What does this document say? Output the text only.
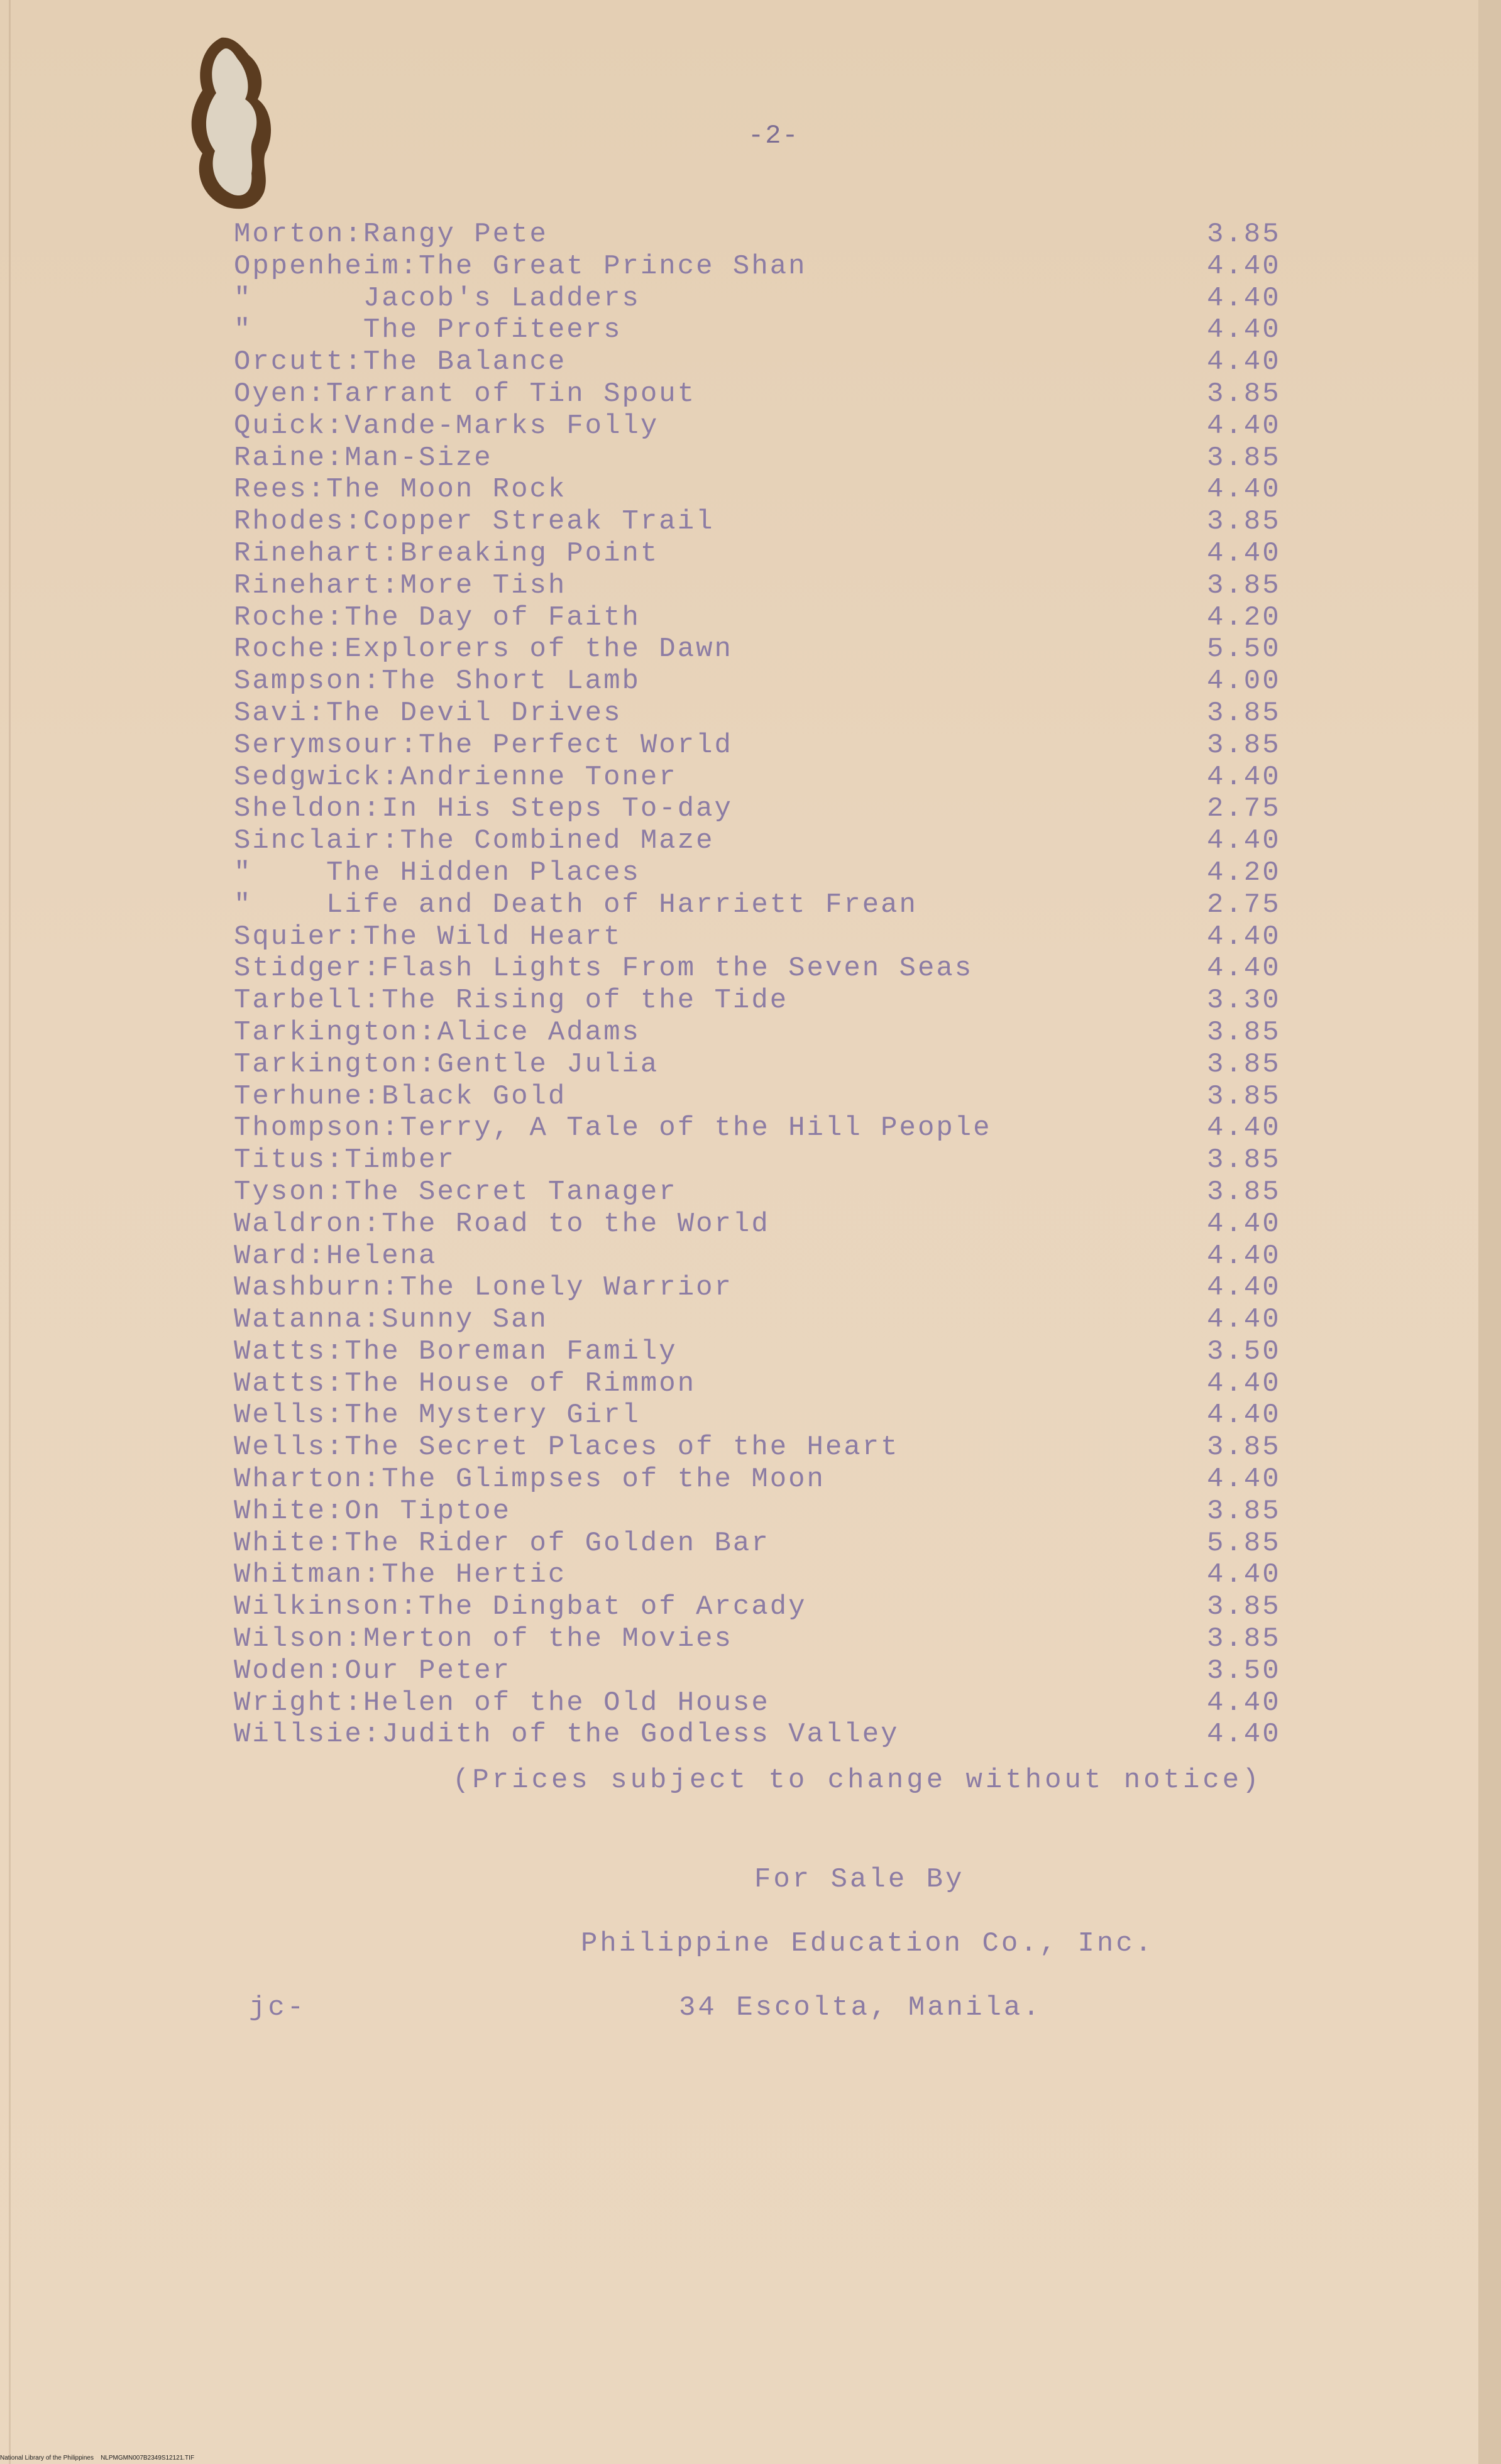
-2-
Morton:Rangy Pete	3.85
Oppenheim:The Great Prince Shan	4.40
"      Jacob's Ladders	4.40
"      The Profiteers	4.40
Orcutt:The Balance	4.40
Oyen:Tarrant of Tin Spout	3.85
Quick:Vande-Marks Folly	4.40
Raine:Man-Size	3.85
Rees:The Moon Rock	4.40
Rhodes:Copper Streak Trail	3.85
Rinehart:Breaking Point	4.40
Rinehart:More Tish	3.85
Roche:The Day of Faith	4.20
Roche:Explorers of the Dawn	5.50
Sampson:The Short Lamb	4.00
Savi:The Devil Drives	3.85
Serymsour:The Perfect World	3.85
Sedgwick:Andrienne Toner	4.40
Sheldon:In His Steps To-day	2.75
Sinclair:The Combined Maze	4.40
"    The Hidden Places	4.20
"    Life and Death of Harriett Frean	2.75
Squier:The Wild Heart	4.40
Stidger:Flash Lights From the Seven Seas	4.40
Tarbell:The Rising of the Tide	3.30
Tarkington:Alice Adams	3.85
Tarkington:Gentle Julia	3.85
Terhune:Black Gold	3.85
Thompson:Terry, A Tale of the Hill People	4.40
Titus:Timber	3.85
Tyson:The Secret Tanager	3.85
Waldron:The Road to the World	4.40
Ward:Helena	4.40
Washburn:The Lonely Warrior	4.40
Watanna:Sunny San	4.40
Watts:The Boreman Family	3.50
Watts:The House of Rimmon	4.40
Wells:The Mystery Girl	4.40
Wells:The Secret Places of the Heart	3.85
Wharton:The Glimpses of the Moon	4.40
White:On Tiptoe	3.85
White:The Rider of Golden Bar	5.85
Whitman:The Hertic	4.40
Wilkinson:The Dingbat of Arcady	3.85
Wilson:Merton of the Movies	3.85
Woden:Our Peter	3.50
Wright:Helen of the Old House	4.40
Willsie:Judith of the Godless Valley	4.40
(Prices subject to change without notice)
For Sale By
Philippine Education Co., Inc.
34 Escolta, Manila.
jc-
National Library of the Philippines    NLPMGMN007B2349S12121.TIF
